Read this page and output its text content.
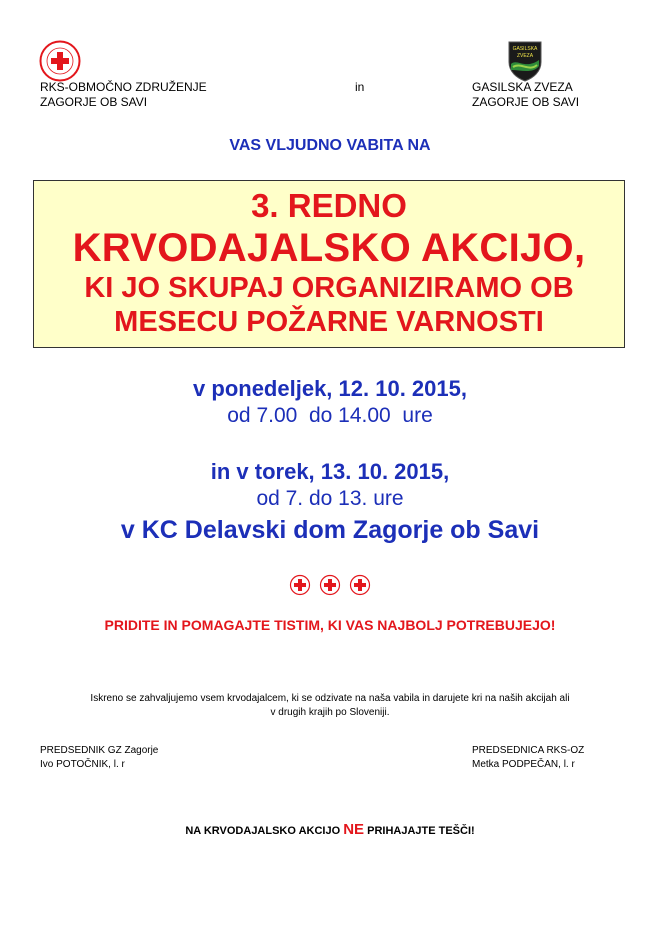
GASILSKA
ZVEZA
RKS-OBMOČNO ZDRUŽENJE
ZAGORJE OB SAVI
in	GASILSKA ZVEZA
ZAGORJE OB SAVI
VAS VLJUDNO VABITA NA
3. REDNO
KRVODAJALSKO AKCIJO,
KI JO SKUPAJ ORGANIZIRAMO OB
MESECU POŽARNE VARNOSTI
v ponedeljek, 12. 10. 2015,
od 7.00  do 14.00  ure
in v torek, 13. 10. 2015,
od 7. do 13. ure
v KC Delavski dom Zagorje ob Savi
PRIDITE IN POMAGAJTE TISTIM, KI VAS NAJBOLJ POTREBUJEJO!
Iskreno se zahvaljujemo vsem krvodajalcem, ki se odzivate na naša vabila in darujete kri na naših akcijah ali
v drugih krajih po Sloveniji.
PREDSEDNIK GZ Zagorje
Ivo POTOČNIK, l. r
PREDSEDNICA RKS-OZ
Metka PODPEČAN, l. r
NA KRVODAJALSKO AKCIJO NE PRIHAJAJTE TEŠČI!
